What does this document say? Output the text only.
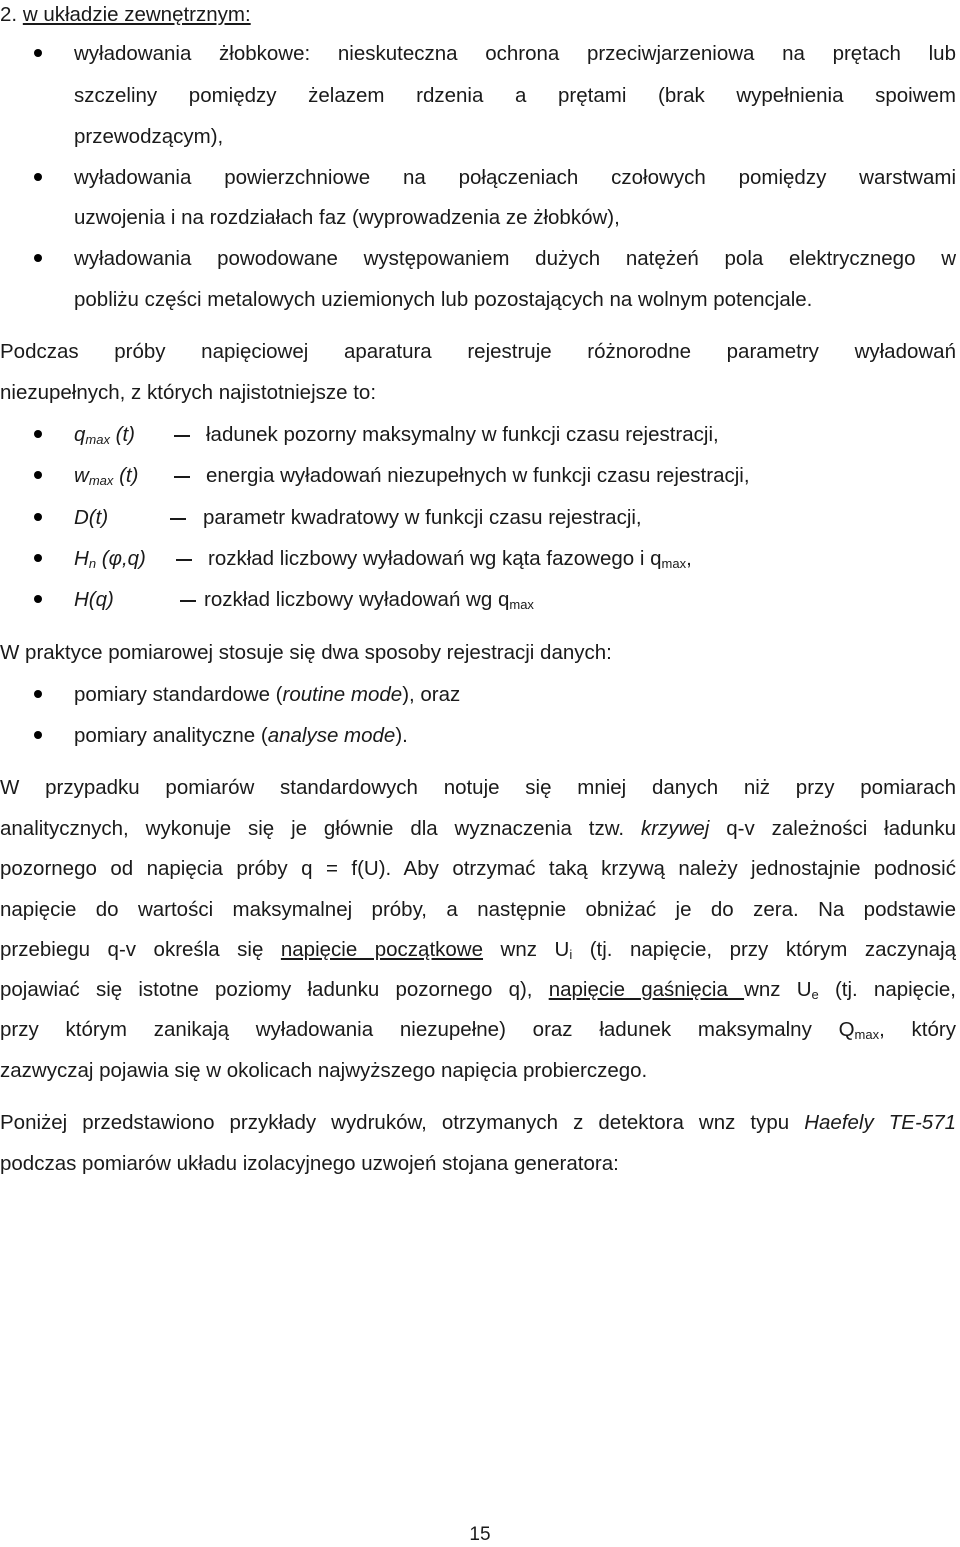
2. w układzie zewnętrznym:
wyładowania żłobkowe: nieskuteczna ochrona przeciwjarzeniowa na prętach lub
szczeliny pomiędzy żelazem rdzenia a prętami (brak wypełnienia spoiwem
przewodzącym),
wyładowania powierzchniowe na połączeniach czołowych pomiędzy warstwami
uzwojenia i na rozdziałach faz (wyprowadzenia ze żłobków),
wyładowania powodowane występowaniem dużych natężeń pola elektrycznego w
pobliżu części metalowych uziemionych lub pozostających na wolnym potencjale.
Podczas próby napięciowej aparatura rejestruje różnorodne parametry wyładowań
niezupełnych, z których najistotniejsze to:
qmax (t)	ładunek pozorny maksymalny w funkcji czasu rejestracji,
wmax (t)	energia wyładowań niezupełnych w funkcji czasu rejestracji,
D(t)	parametr kwadratowy w funkcji czasu rejestracji,
Hn (φ,q)	rozkład liczbowy wyładowań wg kąta fazowego i $q_{max}$,
H(q)	rozkład liczbowy wyładowań wg $q_{max}$
W praktyce pomiarowej stosuje się dwa sposoby rejestracji danych:
pomiary standardowe (routine mode), oraz
pomiary analityczne (analyse mode).
W przypadku pomiarów standardowych notuje się mniej danych niż przy pomiarach
analitycznych, wykonuje się je głównie dla wyznaczenia tzw. krzywej q-v zależności ładunku
pozornego od napięcia próby q = f(U). Aby otrzymać taką krzywą należy jednostajnie podnosić
napięcie do wartości maksymalnej próby, a następnie obniżać je do zera. Na podstawie
przebiegu q-v określa się napięcie początkowe wnz $U_i$ (tj. napięcie, przy którym zaczynają
pojawiać się istotne poziomy ładunku pozornego q), napięcie gaśnięcia wnz $U_e$ (tj. napięcie,
przy którym zanikają wyładowania niezupełne) oraz ładunek maksymalny $Q_{max}$, który
zazwyczaj pojawia się w okolicach najwyższego napięcia probierczego.
Poniżej przedstawiono przykłady wydruków, otrzymanych z detektora wnz typu Haefely TE-571
podczas pomiarów układu izolacyjnego uzwojeń stojana generatora:
15
